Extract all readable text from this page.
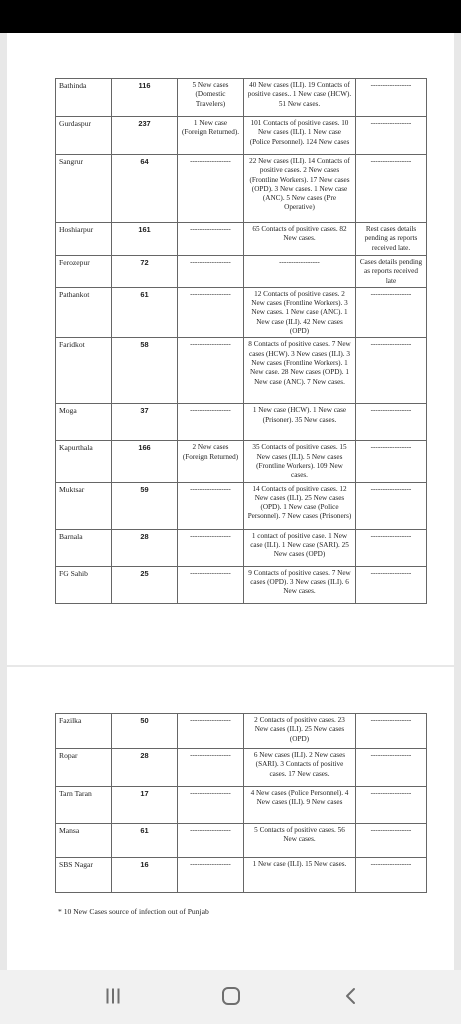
Bathinda	116	5 New cases (Domestic Travelers)	40 New cases (ILI). 19 Contacts of positive cases.. 1 New case (HCW). 51 New cases.	-----------------
Gurdaspur	237	1 New case (Foreign Returned).	101 Contacts of positive cases. 10 New cases (ILI). 1 New case (Police Personnel). 124 New cases	-----------------
Sangrur	64	-----------------	22 New cases (ILI). 14 Contacts of positive cases. 2 New cases (Frontline Workers). 17 New cases (OPD). 3 New cases. 1 New case (ANC). 5 New cases (Pre Operative)	-----------------
Hoshiarpur	161	-----------------	65 Contacts of positive cases. 82 New cases.	Rest cases details pending as reports received late.
Ferozepur	72	-----------------	-----------------	Cases details pending as reports received late
Pathankot	61	-----------------	12 Contacts of positive cases. 2 New cases (Frontline Workers). 3 New cases. 1 New case (ANC). 1 New case (ILI). 42 New cases (OPD)	-----------------
Faridkot	58	-----------------	8 Contacts of positive cases. 7 New cases (HCW). 3 New cases (ILI). 3 New cases (Frontline Workers). 1 New case. 28 New cases (OPD). 1 New case (ANC). 7 New cases.	-----------------
Moga	37	-----------------	1 New case (HCW). 1 New case (Prisoner). 35 New cases.	-----------------
Kapurthala	166	2 New cases (Foreign Returned)	35 Contacts of positive cases. 15 New cases (ILI). 5 New cases (Frontline Workers). 109 New cases.	-----------------
Muktsar	59	-----------------	14 Contacts of positive cases. 12 New cases (ILI). 25 New cases (OPD). 1 New case (Police Personnel). 7 New cases (Prisoners)	-----------------
Barnala	28	-----------------	1 contact of positive case. 1 New case (ILI). 1 New case (SARI). 25 New cases (OPD)	-----------------
FG Sahib	25	-----------------	9 Contacts of positive cases. 7 New cases (OPD). 3 New cases (ILI). 6 New cases.	-----------------
Fazilka	50	-----------------	2 Contacts of positive cases. 23 New cases (ILI). 25 New cases (OPD)	-----------------
Ropar	28	-----------------	6 New cases (ILI). 2 New cases (SARI). 3 Contacts of positive cases. 17 New cases.	-----------------
Tarn Taran	17	-----------------	4 New cases (Police Personnel). 4 New cases (ILI). 9 New cases	-----------------
Mansa	61	-----------------	5 Contacts of positive cases. 56 New cases.	-----------------
SBS Nagar	16	-----------------	1 New case (ILI). 15 New cases.	-----------------
* 10 New Cases source of infection out of Punjab
